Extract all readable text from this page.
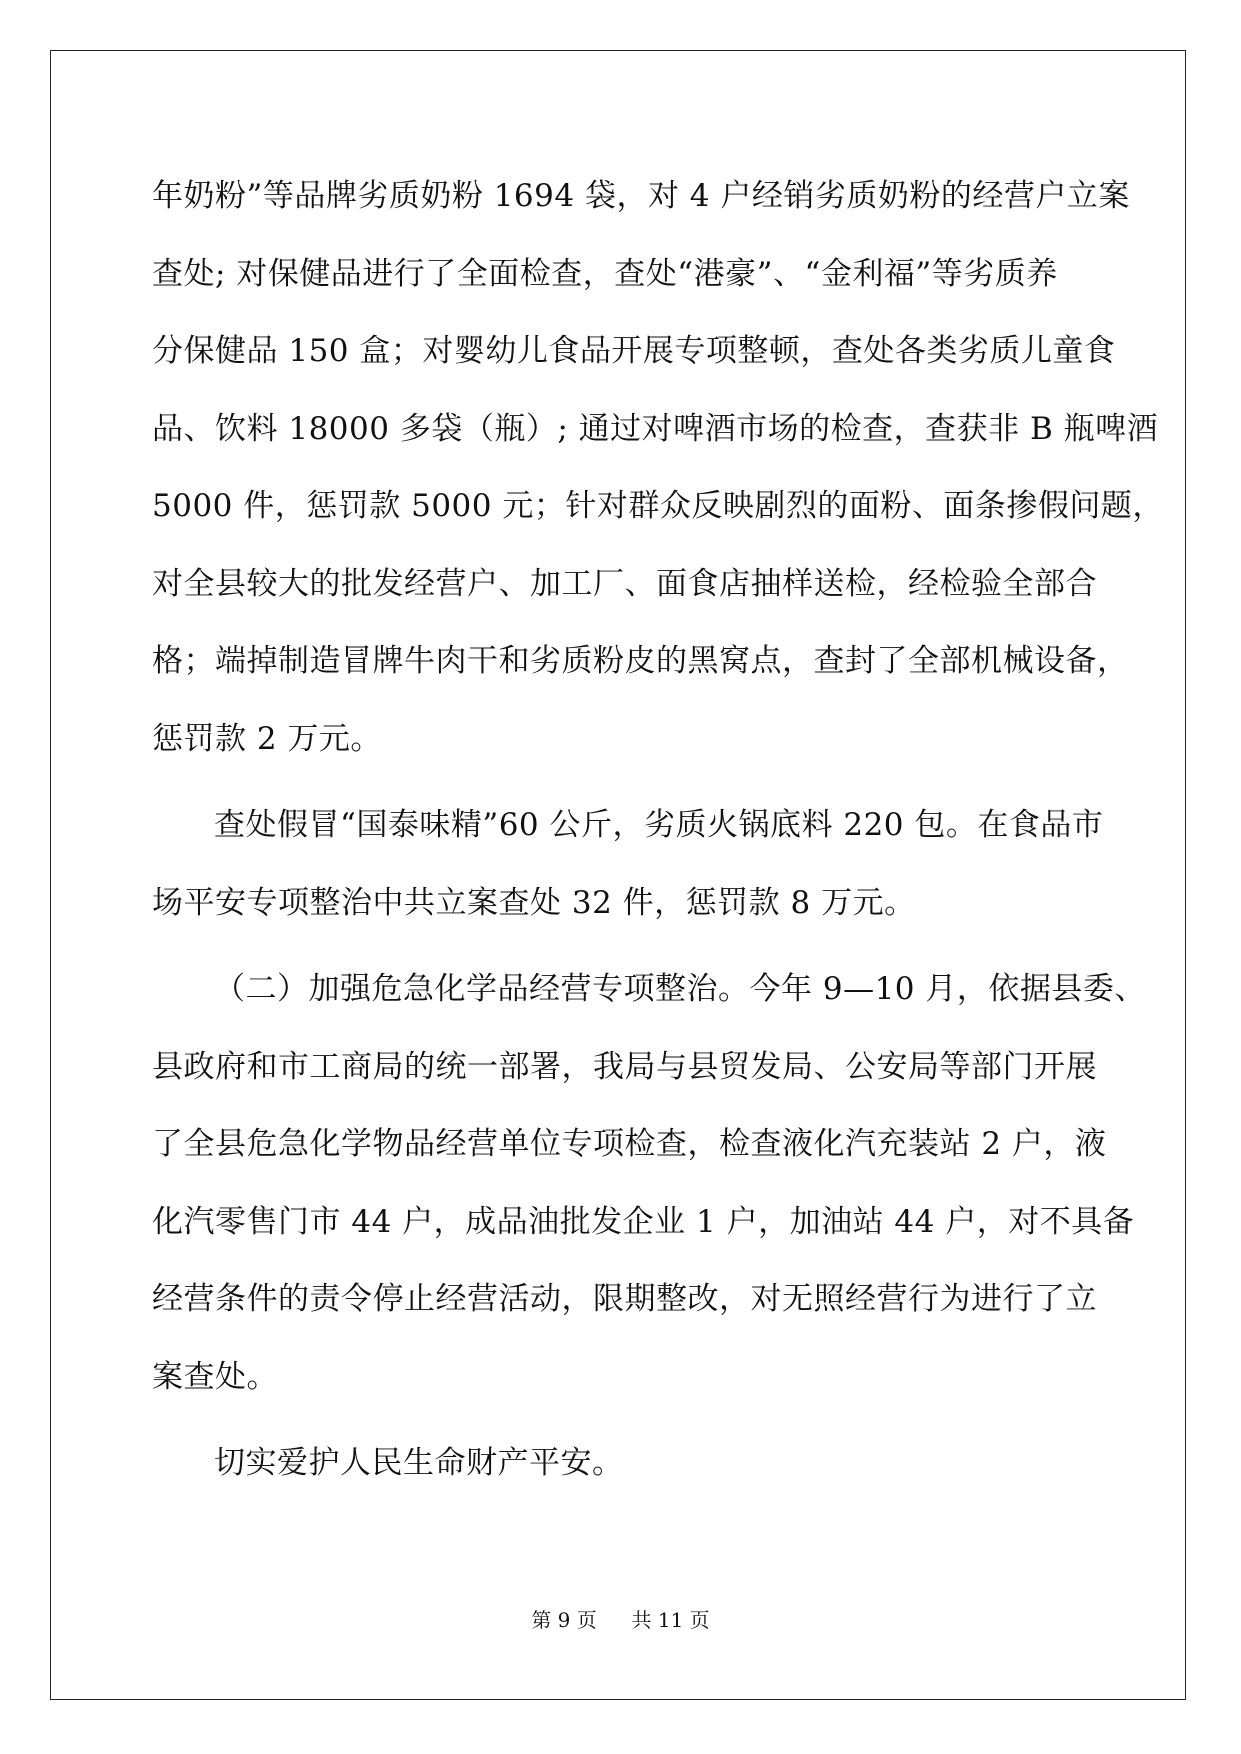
年奶粉”等品牌劣质奶粉 1694 袋，对 4 户经销劣质奶粉的经营户立案
查处; 对保健品进行了全面检查，查处“港豪”、“金利福”等劣质养
分保健品 150 盒；对婴幼儿食品开展专项整顿，查处各类劣质儿童食
品、饮料 18000 多袋（瓶）; 通过对啤酒市场的检查，查获非 B 瓶啤酒
5000 件，惩罚款 5000 元；针对群众反映剧烈的面粉、面条掺假问题，
对全县较大的批发经营户、加工厂、面食店抽样送检，经检验全部合
格；端掉制造冒牌牛肉干和劣质粉皮的黑窝点，查封了全部机械设备，
惩罚款 2 万元。
查处假冒“国泰味精”60 公斤，劣质火锅底料 220 包。在食品市
场平安专项整治中共立案查处 32 件，惩罚款 8 万元。
（二）加强危急化学品经营专项整治。今年 9—10 月，依据县委、
县政府和市工商局的统一部署，我局与县贸发局、公安局等部门开展
了全县危急化学物品经营单位专项检查，检查液化汽充装站 2 户，液
化汽零售门市 44 户，成品油批发企业 1 户，加油站 44 户，对不具备
经营条件的责令停止经营活动，限期整改，对无照经营行为进行了立
案查处。
切实爱护人民生命财产平安。
第 9 页 共 11 页
